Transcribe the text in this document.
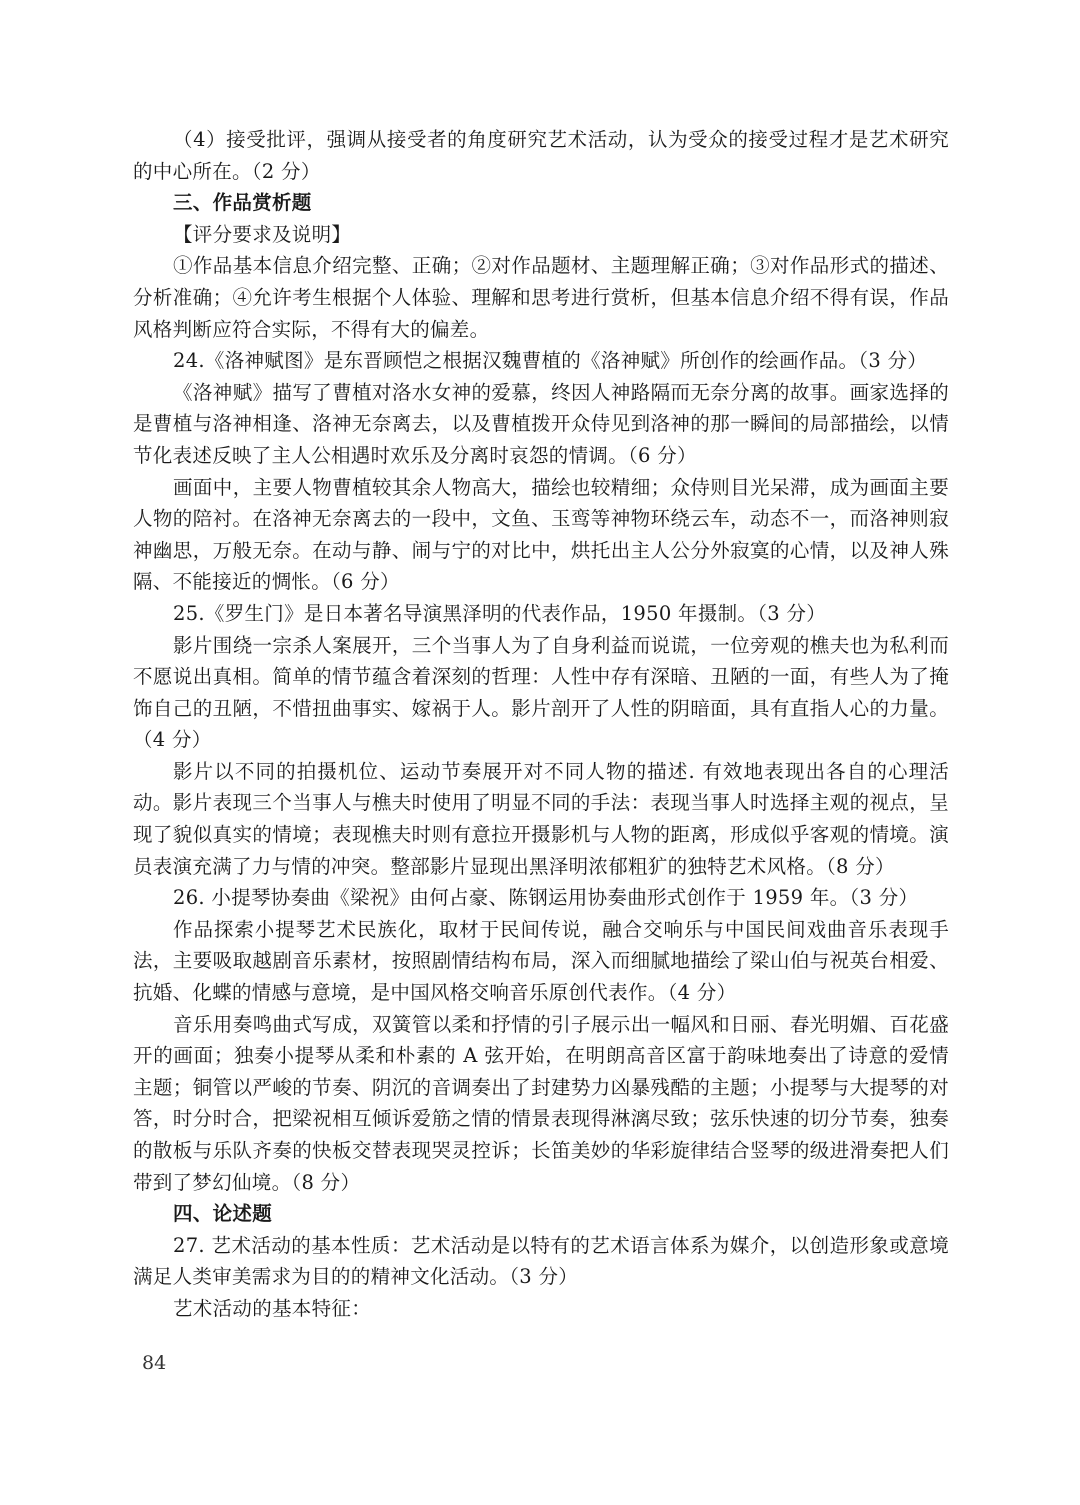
（4）接受批评，强调从接受者的角度研究艺术活动，认为受众的接受过程才是艺术研究的中心所在。（2 分）

三、作品赏析题

【评分要求及说明】

①作品基本信息介绍完整、正确；②对作品题材、主题理解正确；③对作品形式的描述、分析准确；④允许考生根据个人体验、理解和思考进行赏析，但基本信息介绍不得有误，作品风格判断应符合实际，不得有大的偏差。

24.《洛神赋图》是东晋顾恺之根据汉魏曹植的《洛神赋》所创作的绘画作品。（3 分）

《洛神赋》描写了曹植对洛水女神的爱慕，终因人神路隔而无奈分离的故事。画家选择的是曹植与洛神相逢、洛神无奈离去，以及曹植拨开众侍见到洛神的那一瞬间的局部描绘，以情节化表述反映了主人公相遇时欢乐及分离时哀怨的情调。（6 分）

画面中，主要人物曹植较其余人物高大，描绘也较精细；众侍则目光呆滞，成为画面主要人物的陪衬。在洛神无奈离去的一段中，文鱼、玉鸾等神物环绕云车，动态不一，而洛神则寂神幽思，万般无奈。在动与静、闹与宁的对比中，烘托出主人公分外寂寞的心情，以及神人殊隔、不能接近的惆怅。（6 分）

25.《罗生门》是日本著名导演黑泽明的代表作品，1950 年摄制。（3 分）

影片围绕一宗杀人案展开，三个当事人为了自身利益而说谎，一位旁观的樵夫也为私利而不愿说出真相。简单的情节蕴含着深刻的哲理：人性中存有深暗、丑陋的一面，有些人为了掩饰自己的丑陋，不惜扭曲事实、嫁祸于人。影片剖开了人性的阴暗面，具有直指人心的力量。（4 分）

影片以不同的拍摄机位、运动节奏展开对不同人物的描述. 有效地表现出各自的心理活动。影片表现三个当事人与樵夫时使用了明显不同的手法：表现当事人时选择主观的视点，呈现了貌似真实的情境；表现樵夫时则有意拉开摄影机与人物的距离，形成似乎客观的情境。演员表演充满了力与情的冲突。整部影片显现出黑泽明浓郁粗犷的独特艺术风格。（8 分）

26. 小提琴协奏曲《梁祝》由何占豪、陈钢运用协奏曲形式创作于 1959 年。（3 分）

作品探索小提琴艺术民族化，取材于民间传说，融合交响乐与中国民间戏曲音乐表现手法，主要吸取越剧音乐素材，按照剧情结构布局，深入而细腻地描绘了梁山伯与祝英台相爱、抗婚、化蝶的情感与意境，是中国风格交响音乐原创代表作。（4 分）

音乐用奏鸣曲式写成，双簧管以柔和抒情的引子展示出一幅风和日丽、春光明媚、百花盛开的画面；独奏小提琴从柔和朴素的 A 弦开始，在明朗高音区富于韵味地奏出了诗意的爱情主题；铜管以严峻的节奏、阴沉的音调奏出了封建势力凶暴残酷的主题；小提琴与大提琴的对答，时分时合，把梁祝相互倾诉爱筋之情的情景表现得淋漓尽致；弦乐快速的切分节奏，独奏的散板与乐队齐奏的快板交替表现哭灵控诉；长笛美妙的华彩旋律结合竖琴的级进滑奏把人们带到了梦幻仙境。（8 分）

四、论述题

27. 艺术活动的基本性质：艺术活动是以特有的艺术语言体系为媒介，以创造形象或意境满足人类审美需求为目的的精神文化活动。（3 分）

艺术活动的基本特征：

84
